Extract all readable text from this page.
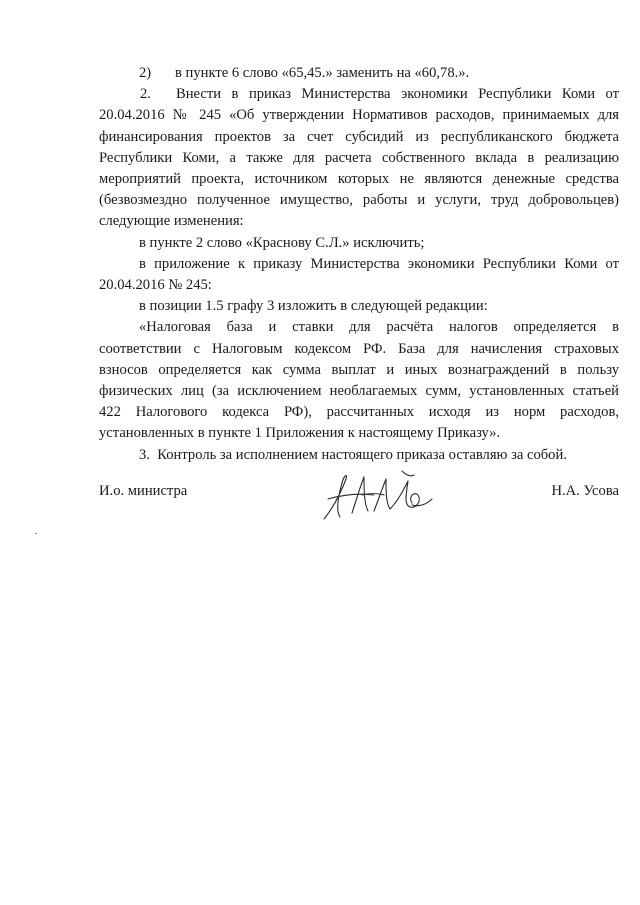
2) в пункте 6 слово «65,45.» заменить на «60,78.».

2. Внести в приказ Министерства экономики Республики Коми от
20.04.2016 № 245 «Об утверждении Нормативов расходов, принимаемых для
финансирования проектов за счет субсидий из республиканского бюджета
Республики Коми, а также для расчета собственного вклада в реализацию
мероприятий проекта, источником которых не являются денежные средства
(безвозмездно полученное имущество, работы и услуги, труд добровольцев)
следующие изменения:

в пункте 2 слово «Краснову С.Л.» исключить;

в приложение к приказу Министерства экономики Республики Коми от
20.04.2016 № 245:

в позиции 1.5 графу 3 изложить в следующей редакции:

«Налоговая база и ставки для расчёта налогов определяется в
соответствии с Налоговым кодексом РФ. База для начисления страховых
взносов определяется как сумма выплат и иных вознаграждений в пользу
физических лиц (за исключением необлагаемых сумм, установленных статьей
422 Налогового кодекса РФ), рассчитанных исходя из норм расходов,
установленных в пункте 1 Приложения к настоящему Приказу».

3. Контроль за исполнением настоящего приказа оставляю за собой.

И.о. министра	Н.А. Усова
